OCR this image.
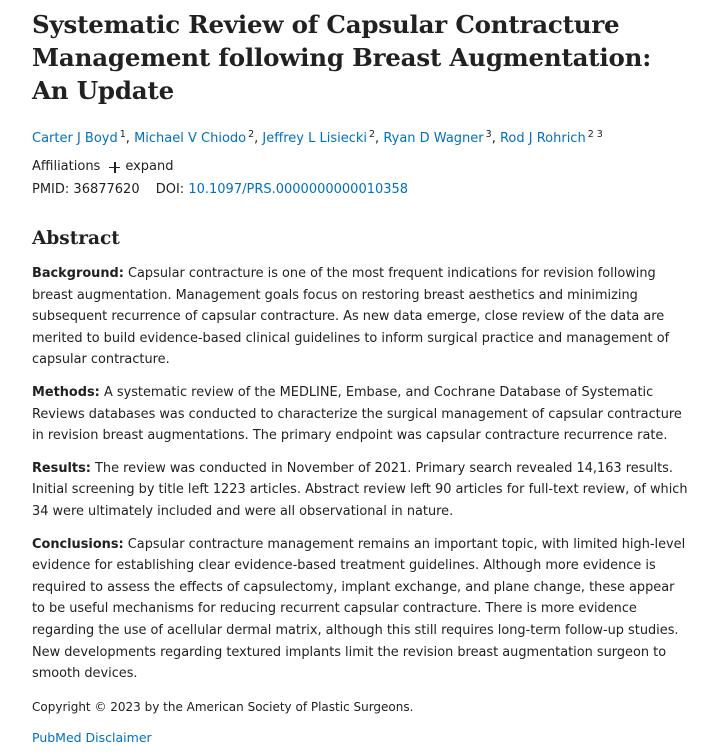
Systematic Review of Capsular Contracture Management following Breast Augmentation: An Update
Carter J Boyd $^1$, Michael V Chiodo $^2$, Jeffrey L Lisiecki $^2$, Ryan D Wagner $^3$, Rod J Rohrich $^{2 3}$
Affiliations expand
PMID: 36877620 DOI: 10.1097/PRS.0000000000010358
Abstract

Background: Capsular contracture is one of the most frequent indications for revision following breast augmentation. Management goals focus on restoring breast aesthetics and minimizing subsequent recurrence of capsular contracture. As new data emerge, close review of the data are merited to build evidence-based clinical guidelines to inform surgical practice and management of capsular contracture.

Methods: A systematic review of the MEDLINE, Embase, and Cochrane Database of Systematic Reviews databases was conducted to characterize the surgical management of capsular contracture in revision breast augmentations. The primary endpoint was capsular contracture recurrence rate.

Results: The review was conducted in November of 2021. Primary search revealed 14,163 results. Initial screening by title left 1223 articles. Abstract review left 90 articles for full-text review, of which 34 were ultimately included and were all observational in nature.

Conclusions: Capsular contracture management remains an important topic, with limited high-level evidence for establishing clear evidence-based treatment guidelines. Although more evidence is required to assess the effects of capsulectomy, implant exchange, and plane change, these appear to be useful mechanisms for reducing recurrent capsular contracture. There is more evidence regarding the use of acellular dermal matrix, although this still requires long-term follow-up studies. New developments regarding textured implants limit the revision breast augmentation surgeon to smooth devices.

Copyright © 2023 by the American Society of Plastic Surgeons.
PubMed Disclaimer
